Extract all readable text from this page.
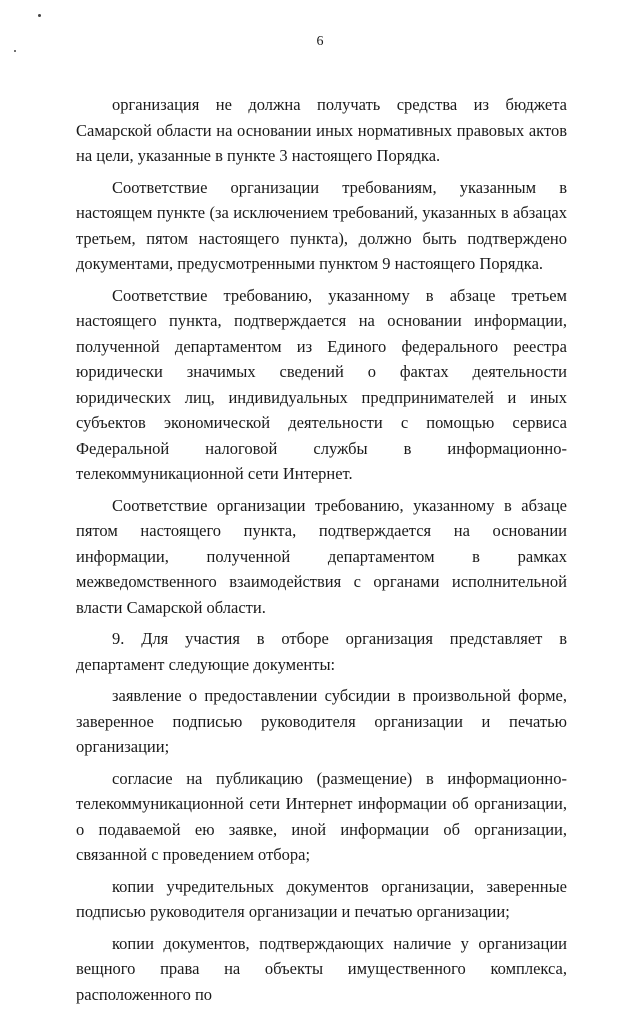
6

организация не должна получать средства из бюджета Самарской области на основании иных нормативных правовых актов на цели, указанные в пункте 3 настоящего Порядка.

Соответствие организации требованиям, указанным в настоящем пункте (за исключением требований, указанных в абзацах третьем, пятом настоящего пункта), должно быть подтверждено документами, предусмотренными пунктом 9 настоящего Порядка.

Соответствие требованию, указанному в абзаце третьем настоящего пункта, подтверждается на основании информации, полученной департаментом из Единого федерального реестра юридически значимых сведений о фактах деятельности юридических лиц, индивидуальных предпринимателей и иных субъектов экономической деятельности с помощью сервиса Федеральной налоговой службы в информационно-телекоммуникационной сети Интернет.

Соответствие организации требованию, указанному в абзаце пятом настоящего пункта, подтверждается на основании информации, полученной департаментом в рамках межведомственного взаимодействия с органами исполнительной власти Самарской области.

9. Для участия в отборе организация представляет в департамент следующие документы:

заявление о предоставлении субсидии в произвольной форме, заверенное подписью руководителя организации и печатью организации;

согласие на публикацию (размещение) в информационно-телекоммуникационной сети Интернет информации об организации, о подаваемой ею заявке, иной информации об организации, связанной с проведением отбора;

копии учредительных документов организации, заверенные подписью руководителя организации и печатью организации;

копии документов, подтверждающих наличие у организации вещного права на объекты имущественного комплекса, расположенного по
